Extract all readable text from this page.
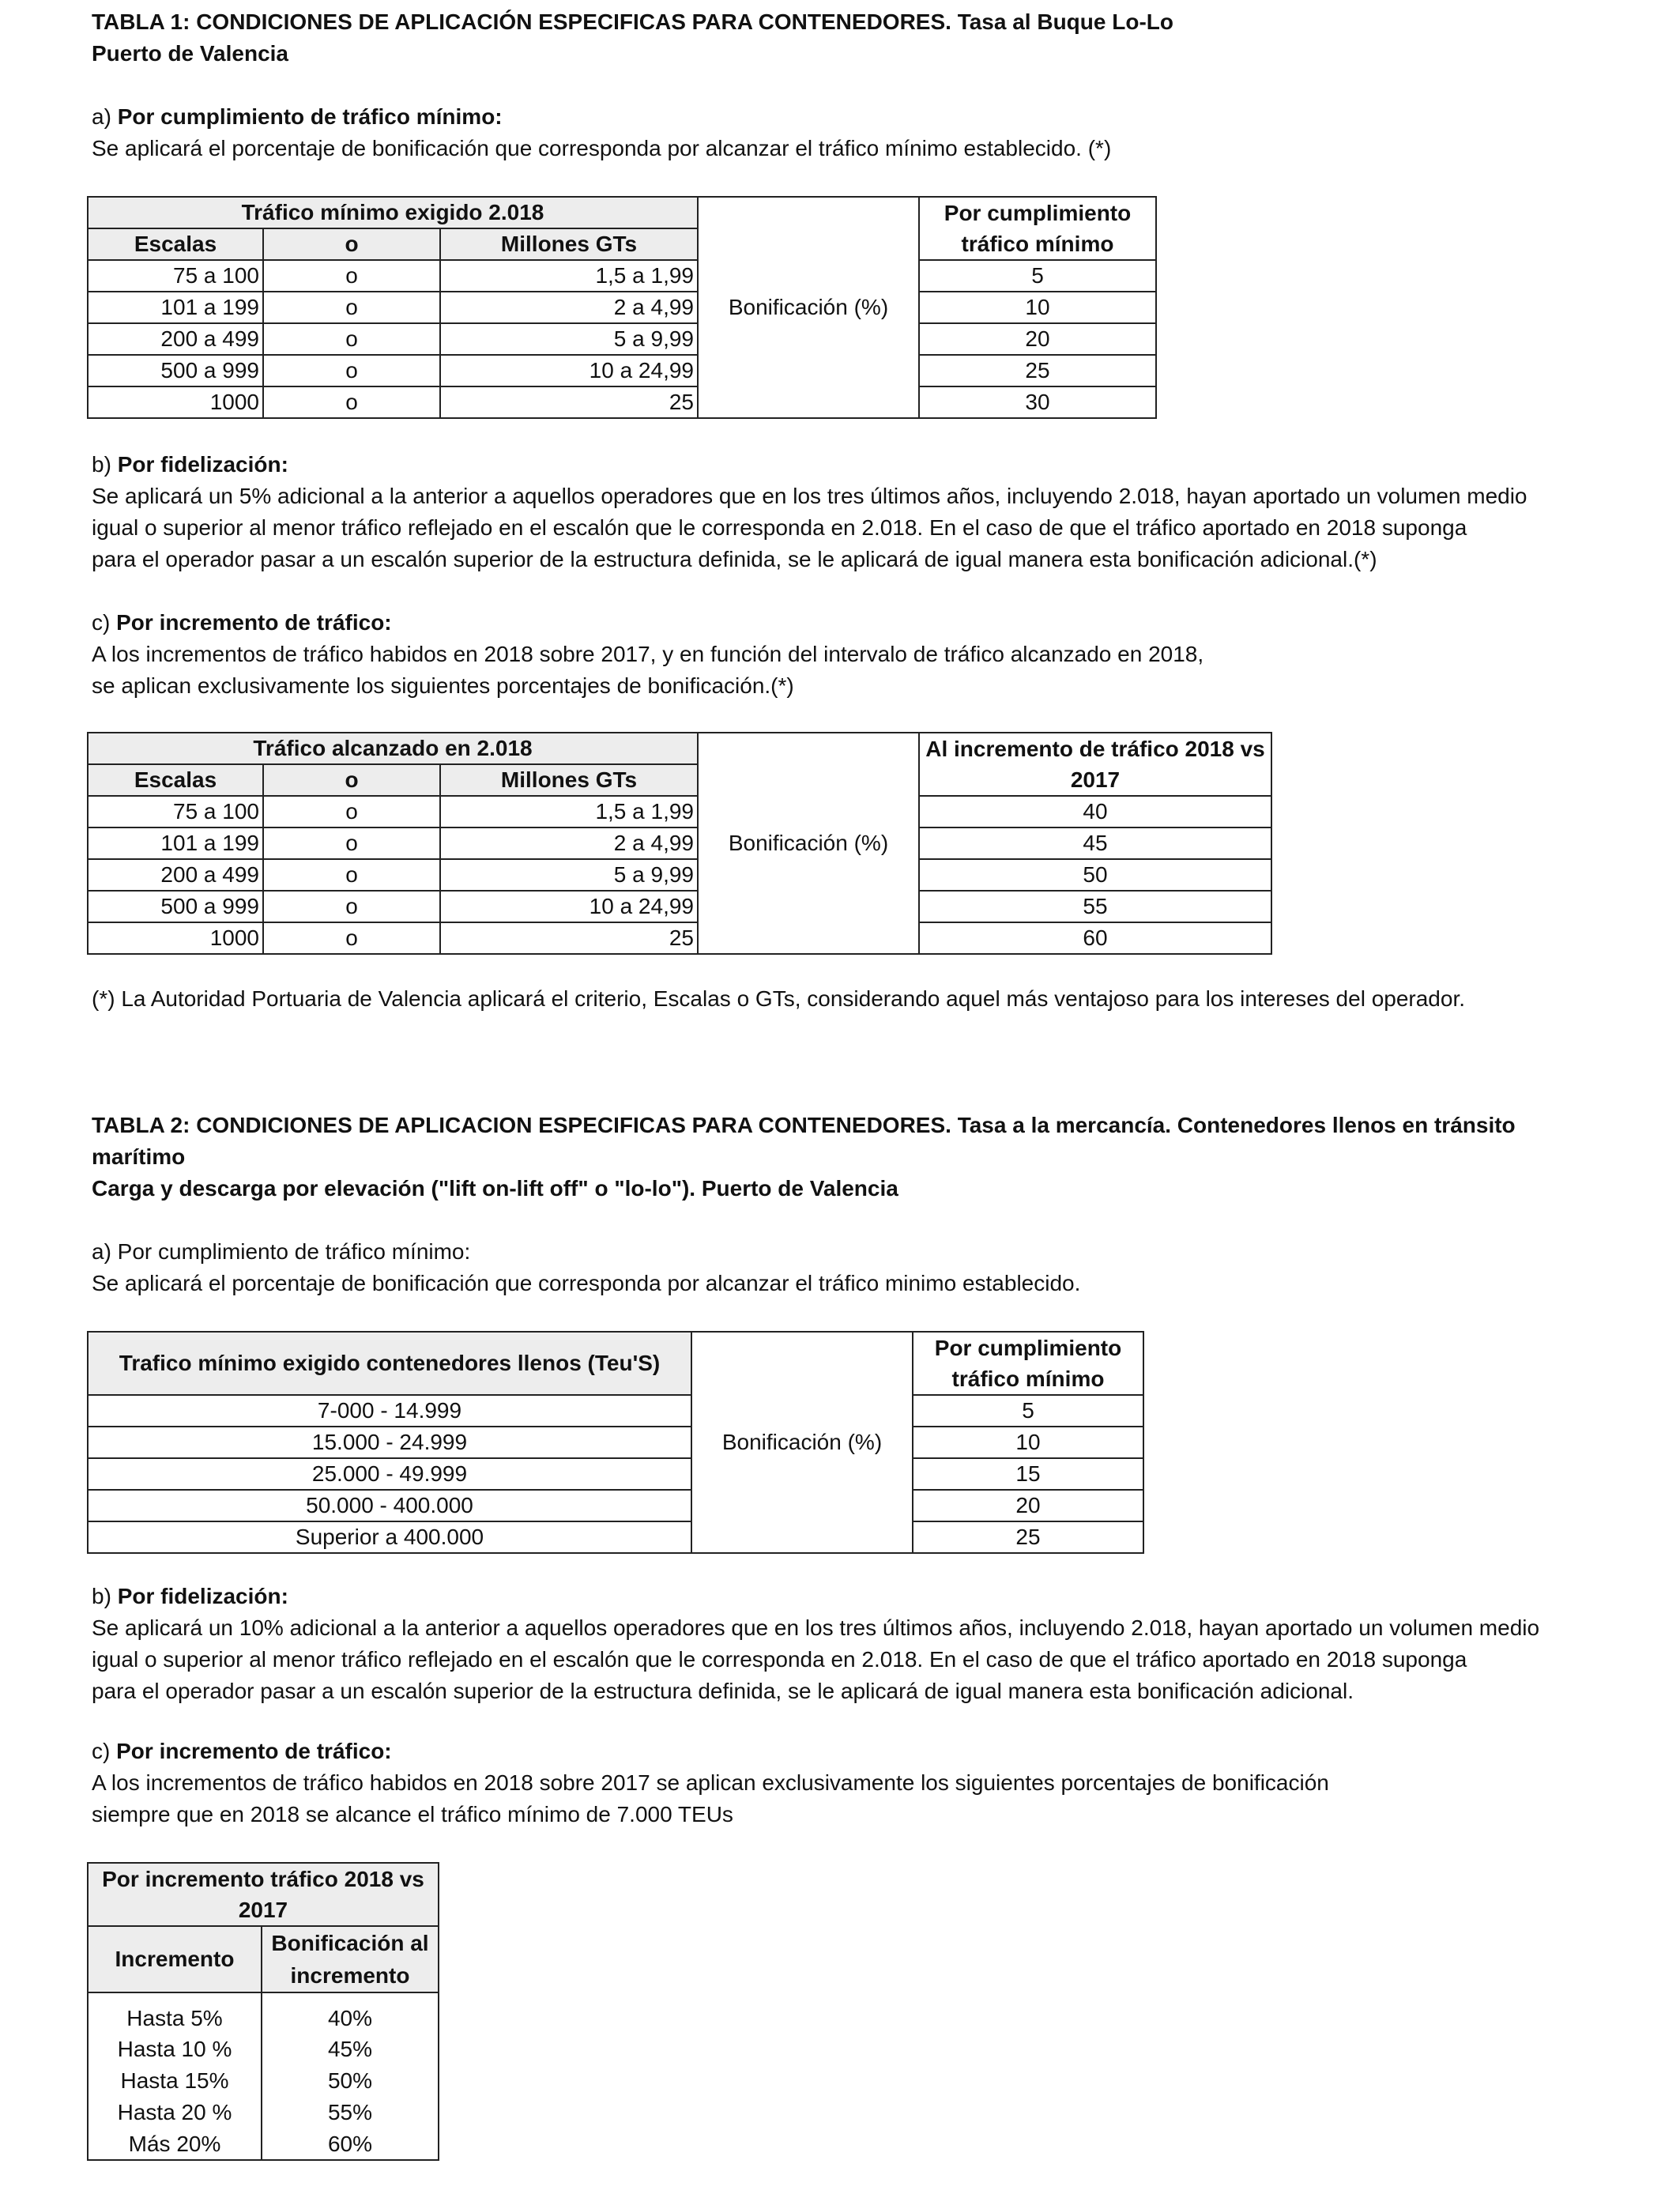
TABLA 1: CONDICIONES DE APLICACIÓN ESPECIFICAS PARA CONTENEDORES. Tasa al Buque Lo-Lo
Puerto de Valencia
a) Por cumplimiento de tráfico mínimo:
Se aplicará el porcentaje de bonificación que corresponda por alcanzar el tráfico mínimo establecido. (*)
Tráfico mínimo exigido 2.018			Bonificación (%)	Por cumplimiento
Escalas	o	Millones GTs		tráfico mínimo
75 a 100	o	1,5 a 1,99		5
101 a 199	o	2 a 4,99		10
200 a 499	o	5 a 9,99		20
500 a 999	o	10 a 24,99		25
1000	o	25		30
b) Por fidelización:
Se aplicará un 5% adicional a la anterior a aquellos operadores que en los tres últimos años, incluyendo 2.018, hayan aportado un volumen medio
igual o superior al menor tráfico reflejado en el escalón que le corresponda en 2.018. En el caso de que el tráfico aportado en 2018 suponga
para el operador pasar a un escalón superior de la estructura definida, se le aplicará de igual manera esta bonificación adicional.(*)
c) Por incremento de tráfico:
A los incrementos de tráfico habidos en 2018 sobre 2017, y en función del intervalo de tráfico alcanzado en 2018,
se aplican exclusivamente los siguientes porcentajes de bonificación.(*)
Tráfico alcanzado en 2.018			Bonificación (%)	Al incremento de tráfico 2018 vs
Escalas	o	Millones GTs		2017
75 a 100	o	1,5 a 1,99		40
101 a 199	o	2 a 4,99		45
200 a 499	o	5 a 9,99		50
500 a 999	o	10 a 24,99		55
1000	o	25		60
(*) La Autoridad Portuaria de Valencia aplicará el criterio, Escalas o GTs, considerando aquel más ventajoso para los intereses del operador.
TABLA 2: CONDICIONES DE APLICACION ESPECIFICAS PARA CONTENEDORES. Tasa a la mercancía. Contenedores llenos en tránsito
marítimo
Carga y descarga por elevación ("lift on-lift off" o "lo-lo"). Puerto de Valencia
a) Por cumplimiento de tráfico mínimo:
Se aplicará el porcentaje de bonificación que corresponda por alcanzar el tráfico minimo establecido.
Trafico mínimo exigido contenedores llenos (Teu'S)	Bonificación (%)	Por cumplimiento
		tráfico mínimo
7-000 - 14.999		5
15.000 - 24.999		10
25.000 - 49.999		15
50.000 - 400.000		20
Superior a 400.000		25
b) Por fidelización:
Se aplicará un 10% adicional a la anterior a aquellos operadores que en los tres últimos años, incluyendo 2.018, hayan aportado un volumen medio
igual o superior al menor tráfico reflejado en el escalón que le corresponda en 2.018. En el caso de que el tráfico aportado en 2018 suponga
para el operador pasar a un escalón superior de la estructura definida, se le aplicará de igual manera esta bonificación adicional.
c) Por incremento de tráfico:
A los incrementos de tráfico habidos en 2018 sobre 2017 se aplican exclusivamente los siguientes porcentajes de bonificación
siempre que en 2018 se alcance el tráfico mínimo de 7.000 TEUs
Por incremento tráfico 2018 vs	
2017	
Incremento	Bonificación al
	incremento
Hasta 5%	40%
Hasta 10 %	45%
Hasta 15%	50%
Hasta 20 %	55%
Más 20%	60%
